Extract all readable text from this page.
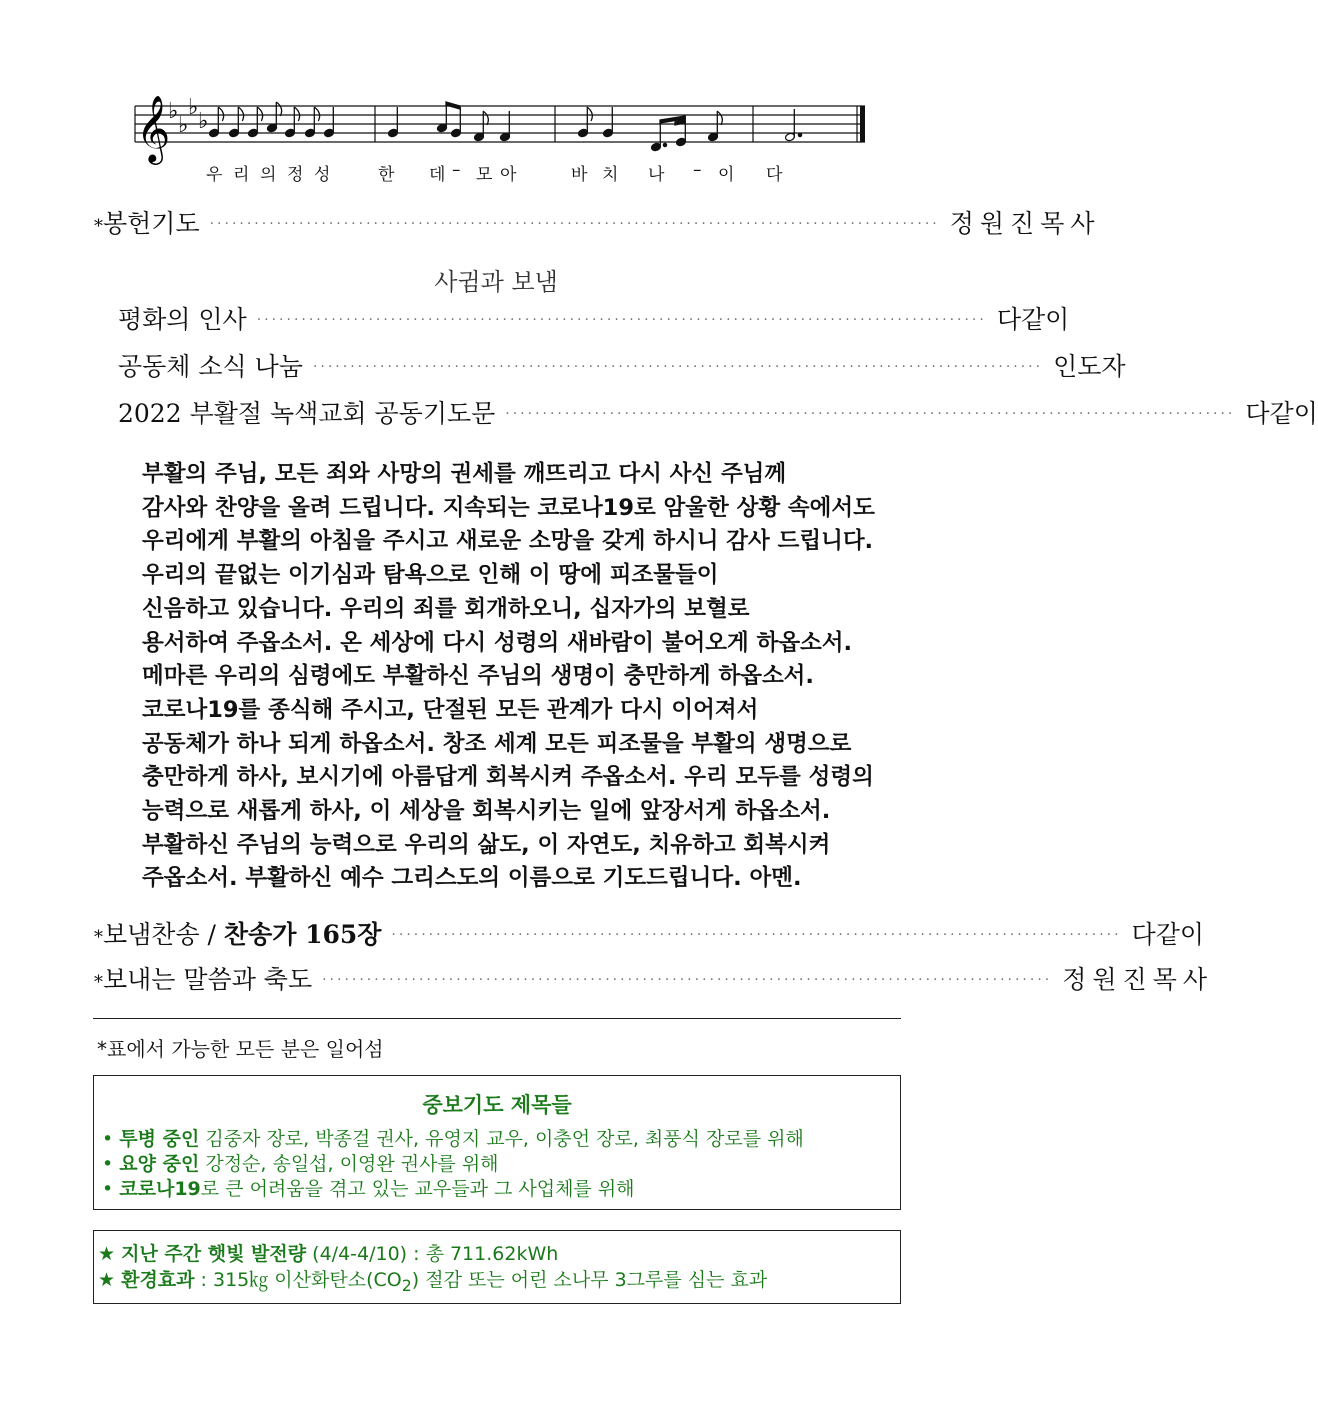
𝄞
♭
♭
♭
♭
우 리 의 정 성	한 데 – 모 아	바 치 나 – 이 다
* 봉헌기도 ·································································································· 정원진목사
사귐과 보냄
평화의 인사 ·································································································· 다 같 이
공동체 소식 나눔 ·································································································· 인 도 자
2022 부활절 녹색교회 공동기도문 ·································································································· 다 같 이
부활의 주님, 모든 죄와 사망의 권세를 깨뜨리고 다시 사신 주님께
감사와 찬양을 올려 드립니다. 지속되는 코로나19로 암울한 상황 속에서도
우리에게 부활의 아침을 주시고 새로운 소망을 갖게 하시니 감사 드립니다.
우리의 끝없는 이기심과 탐욕으로 인해 이 땅에 피조물들이
신음하고 있습니다. 우리의 죄를 회개하오니, 십자가의 보혈로
용서하여 주옵소서. 온 세상에 다시 성령의 새바람이 불어오게 하옵소서.
메마른 우리의 심령에도 부활하신 주님의 생명이 충만하게 하옵소서.
코로나19를 종식해 주시고, 단절된 모든 관계가 다시 이어져서
공동체가 하나 되게 하옵소서. 창조 세계 모든 피조물을 부활의 생명으로
충만하게 하사, 보시기에 아름답게 회복시켜 주옵소서. 우리 모두를 성령의
능력으로 새롭게 하사, 이 세상을 회복시키는 일에 앞장서게 하옵소서.
부활하신 주님의 능력으로 우리의 삶도, 이 자연도, 치유하고 회복시켜
주옵소서. 부활하신 예수 그리스도의 이름으로 기도드립니다. 아멘.
* 보냄찬송 / 찬송가 165장 ·································································································· 다 같 이
* 보내는 말씀과 축도 ·································································································· 정원진목사
*표에서 가능한 모든 분은 일어섬
중보기도 제목들
• 투병 중인 김중자 장로, 박종걸 권사, 유영지 교우, 이충언 장로, 최풍식 장로를 위해
• 요양 중인 강정순, 송일섭, 이영완 권사를 위해
• 코로나19로 큰 어려움을 겪고 있는 교우들과 그 사업체를 위해
★ 지난 주간 햇빛 발전량 (4/4-4/10) : 총 711.62kWh
★ 환경효과 : 315㎏ 이산화탄소$(CO_2)$ 절감 또는 어린 소나무 3그루를 심는 효과
